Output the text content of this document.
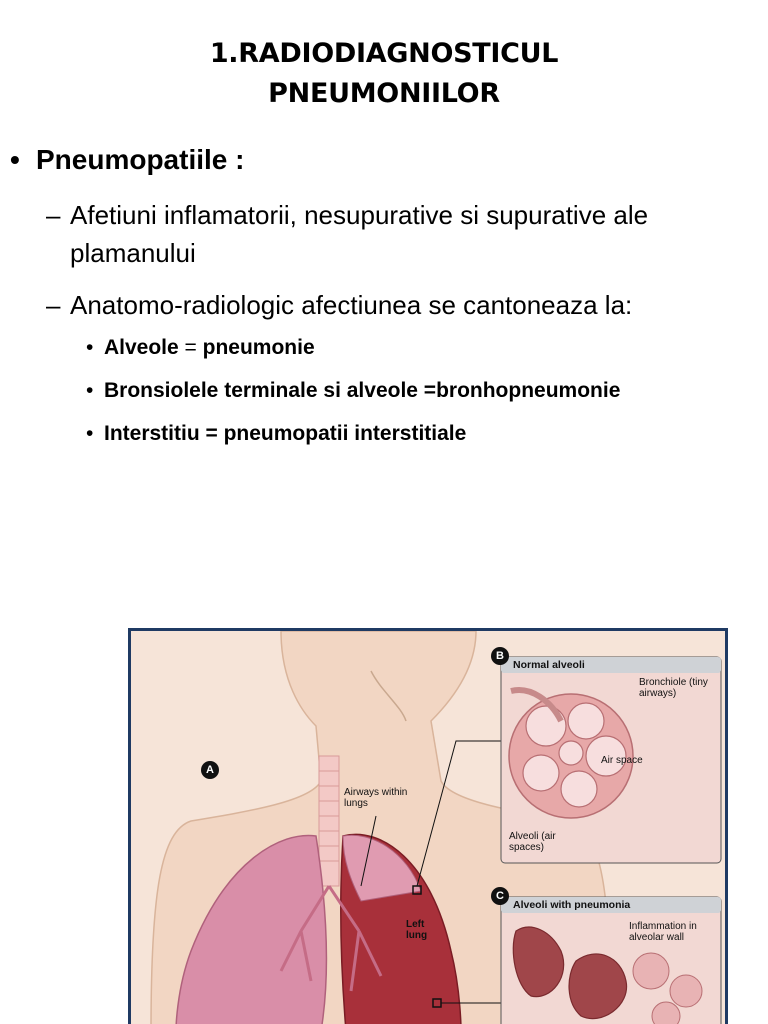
1.RADIODIAGNOSTICUL
PNEUMONIILOR
• Pneumopatiile :
– Afetiuni inflamatorii, nesupurative si supurative ale plamanului
– Anatomo-radiologic afectiunea se cantoneaza la:
• Alveole = pneumonie
• Bronsiolele terminale si alveole =bronhopneumonie
• Interstitiu = pneumopatii interstitiale
A
B
C
Airways within lungs
Left lung
Normal alveoli
Bronchiole (tiny airways)
Air space
Alveoli (air spaces)
Alveoli with pneumonia
Inflammation in alveolar wall
